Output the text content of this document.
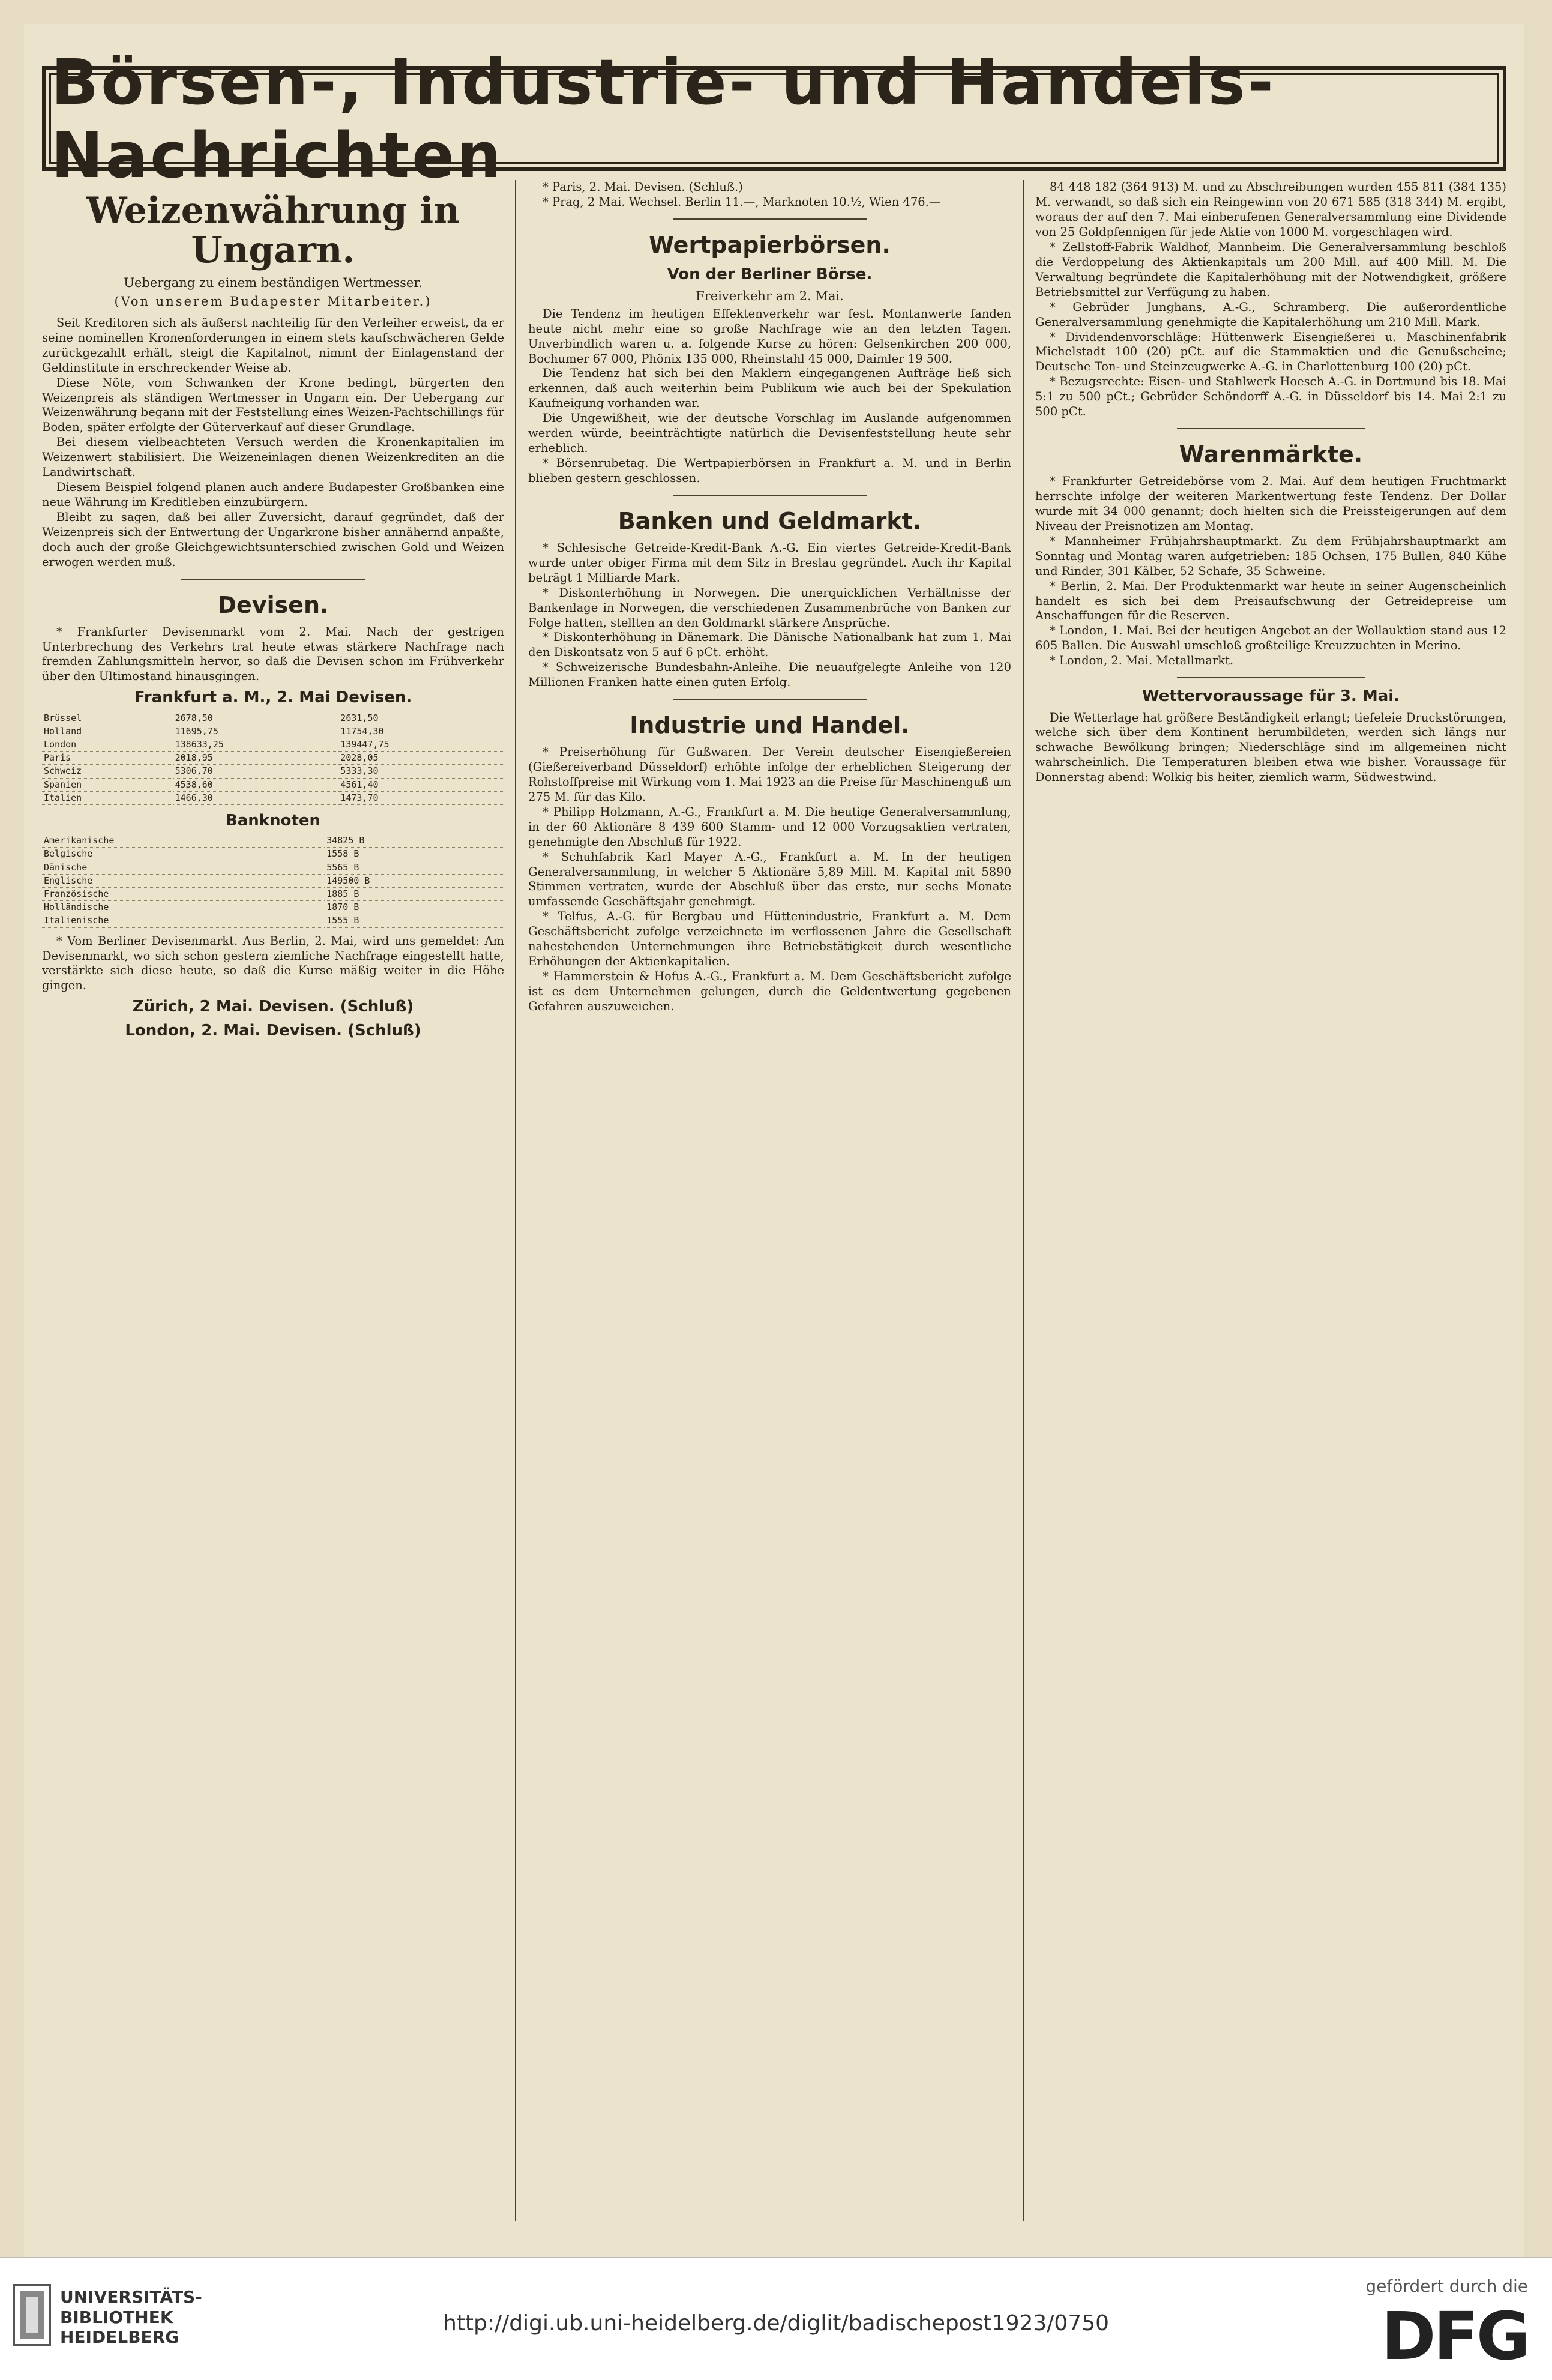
Börsen-, Industrie- und Handels-Nachrichten
Weizenwährung in Ungarn.
Uebergang zu einem beständigen Wertmesser.
(Von unserem Budapester Mitarbeiter.)

Seit Kreditoren sich als äußerst nachteilig für den Verleiher erweist, da er seine nominellen Kronenforderungen in einem stets kaufschwächeren Gelde zurückgezahlt erhält, steigt die Kapitalnot, nimmt der Einlagenstand der Geldinstitute in erschreckender Weise ab.

Diese Nöte, vom Schwanken der Krone bedingt, bürgerten den Weizenpreis als ständigen Wertmesser in Ungarn ein. Der Uebergang zur Weizenwährung begann mit der Feststellung eines Weizen-Pachtschillings für Boden, später erfolgte der Güterverkauf auf dieser Grundlage.

Bei diesem vielbeachteten Versuch werden die Kronenkapitalien im Weizenwert stabilisiert. Die Weizeneinlagen dienen Weizenkrediten an die Landwirtschaft.

Diesem Beispiel folgend planen auch andere Budapester Großbanken eine neue Währung im Kreditleben einzubürgern.

Bleibt zu sagen, daß bei aller Zuversicht, darauf gegründet, daß der Weizenpreis sich der Entwertung der Ungarkrone bisher annähernd anpaßte, doch auch der große Gleichgewichtsunterschied zwischen Gold und Weizen erwogen werden muß.

Devisen.

* Frankfurter Devisenmarkt vom 2. Mai. Nach der gestrigen Unterbrechung des Verkehrs trat heute etwas stärkere Nachfrage nach fremden Zahlungsmitteln hervor, so daß die Devisen schon im Frühverkehr über den Ultimostand hinausgingen.

Frankfurt a. M., 2. Mai Devisen.
Brüssel	2678,50	2631,50
Holland	11695,75	11754,30
London	138633,25	139447,75
Paris	2018,95	2028,05
Schweiz	5306,70	5333,30
Spanien	4538,60	4561,40
Italien	1466,30	1473,70
Banknoten
Amerikanische	34825 B
Belgische	1558 B
Dänische	5565 B
Englische	149500 B
Französische	1885 B
Holländische	1870 B
Italienische	1555 B

* Vom Berliner Devisenmarkt. Aus Berlin, 2. Mai, wird uns gemeldet: Am Devisenmarkt, wo sich schon gestern ziemliche Nachfrage eingestellt hatte, verstärkte sich diese heute, so daß die Kurse mäßig weiter in die Höhe gingen.

Zürich, 2 Mai. Devisen. (Schluß)
London, 2. Mai. Devisen. (Schluß)

* Paris, 2. Mai. Devisen. (Schluß.)

* Prag, 2 Mai. Wechsel. Berlin 11.—, Marknoten 10.½, Wien 476.—

Wertpapierbörsen.
Von der Berliner Börse.
Freiverkehr am 2. Mai.

Die Tendenz im heutigen Effektenverkehr war fest. Montanwerte fanden heute nicht mehr eine so große Nachfrage wie an den letzten Tagen. Unverbindlich waren u. a. folgende Kurse zu hören: Gelsenkirchen 200 000, Bochumer 67 000, Phönix 135 000, Rheinstahl 45 000, Daimler 19 500.

Die Tendenz hat sich bei den Maklern eingegangenen Aufträge ließ sich erkennen, daß auch weiterhin beim Publikum wie auch bei der Spekulation Kaufneigung vorhanden war.

Die Ungewißheit, wie der deutsche Vorschlag im Auslande aufgenommen werden würde, beeinträchtigte natürlich die Devisenfeststellung heute sehr erheblich.

* Börsenrubetag. Die Wertpapierbörsen in Frankfurt a. M. und in Berlin blieben gestern geschlossen.

Banken und Geldmarkt.

* Schlesische Getreide-Kredit-Bank A.-G. Ein viertes Getreide-Kredit-Bank wurde unter obiger Firma mit dem Sitz in Breslau gegründet. Auch ihr Kapital beträgt 1 Milliarde Mark.

* Diskonterhöhung in Norwegen. Die unerquicklichen Verhältnisse der Bankenlage in Norwegen, die verschiedenen Zusammenbrüche von Banken zur Folge hatten, stellten an den Goldmarkt stärkere Ansprüche.

* Diskonterhöhung in Dänemark. Die Dänische Nationalbank hat zum 1. Mai den Diskontsatz von 5 auf 6 pCt. erhöht.

* Schweizerische Bundesbahn-Anleihe. Die neuaufgelegte Anleihe von 120 Millionen Franken hatte einen guten Erfolg.

Industrie und Handel.

* Preiserhöhung für Gußwaren. Der Verein deutscher Eisengießereien (Gießereiverband Düsseldorf) erhöhte infolge der erheblichen Steigerung der Rohstoffpreise mit Wirkung vom 1. Mai 1923 an die Preise für Maschinenguß um 275 M. für das Kilo.

* Philipp Holzmann, A.-G., Frankfurt a. M. Die heutige Generalversammlung, in der 60 Aktionäre 8 439 600 Stamm- und 12 000 Vorzugsaktien vertraten, genehmigte den Abschluß für 1922.

* Schuhfabrik Karl Mayer A.-G., Frankfurt a. M. In der heutigen Generalversammlung, in welcher 5 Aktionäre 5,89 Mill. M. Kapital mit 5890 Stimmen vertraten, wurde der Abschluß über das erste, nur sechs Monate umfassende Geschäftsjahr genehmigt.

* Telfus, A.-G. für Bergbau und Hüttenindustrie, Frankfurt a. M. Dem Geschäftsbericht zufolge verzeichnete im verflossenen Jahre die Gesellschaft nahestehenden Unternehmungen ihre Betriebstätigkeit durch wesentliche Erhöhungen der Aktienkapitalien.

* Hammerstein & Hofus A.-G., Frankfurt a. M. Dem Geschäftsbericht zufolge ist es dem Unternehmen gelungen, durch die Geldentwertung gegebenen Gefahren auszuweichen.

84 448 182 (364 913) M. und zu Abschreibungen wurden 455 811 (384 135) M. verwandt, so daß sich ein Reingewinn von 20 671 585 (318 344) M. ergibt, woraus der auf den 7. Mai einberufenen Generalversammlung eine Dividende von 25 Goldpfennigen für jede Aktie von 1000 M. vorgeschlagen wird.

* Zellstoff-Fabrik Waldhof, Mannheim. Die Generalversammlung beschloß die Verdoppelung des Aktienkapitals um 200 Mill. auf 400 Mill. M. Die Verwaltung begründete die Kapitalerhöhung mit der Notwendigkeit, größere Betriebsmittel zur Verfügung zu haben.

* Gebrüder Junghans, A.-G., Schramberg. Die außerordentliche Generalversammlung genehmigte die Kapitalerhöhung um 210 Mill. Mark.

* Dividendenvorschläge: Hüttenwerk Eisengießerei u. Maschinenfabrik Michelstadt 100 (20) pCt. auf die Stammaktien und die Genußscheine; Deutsche Ton- und Steinzeugwerke A.-G. in Charlottenburg 100 (20) pCt.

* Bezugsrechte: Eisen- und Stahlwerk Hoesch A.-G. in Dortmund bis 18. Mai 5:1 zu 500 pCt.; Gebrüder Schöndorff A.-G. in Düsseldorf bis 14. Mai 2:1 zu 500 pCt.

Warenmärkte.

* Frankfurter Getreidebörse vom 2. Mai. Auf dem heutigen Fruchtmarkt herrschte infolge der weiteren Markentwertung feste Tendenz. Der Dollar wurde mit 34 000 genannt; doch hielten sich die Preissteigerungen auf dem Niveau der Preisnotizen am Montag.

* Mannheimer Frühjahrshauptmarkt. Zu dem Frühjahrshauptmarkt am Sonntag und Montag waren aufgetrieben: 185 Ochsen, 175 Bullen, 840 Kühe und Rinder, 301 Kälber, 52 Schafe, 35 Schweine.

* Berlin, 2. Mai. Der Produktenmarkt war heute in seiner Augenscheinlich handelt es sich bei dem Preisaufschwung der Getreidepreise um Anschaffungen für die Reserven.

* London, 1. Mai. Bei der heutigen Angebot an der Wollauktion stand aus 12 605 Ballen. Die Auswahl umschloß großteilige Kreuzzuchten in Merino.

* London, 2. Mai. Metallmarkt.

Wettervoraussage für 3. Mai.

Die Wetterlage hat größere Beständigkeit erlangt; tiefeleie Druckstörungen, welche sich über dem Kontinent herumbildeten, werden sich längs nur schwache Bewölkung bringen; Niederschläge sind im allgemeinen nicht wahrscheinlich. Die Temperaturen bleiben etwa wie bisher. Voraussage für Donnerstag abend: Wolkig bis heiter, ziemlich warm, Südwestwind.

UNIVERSITÄTS-
BIBLIOTHEK
HEIDELBERG
http://digi.ub.uni-heidelberg.de/diglit/badischepost1923/0750
gefördert durch die
DFG
